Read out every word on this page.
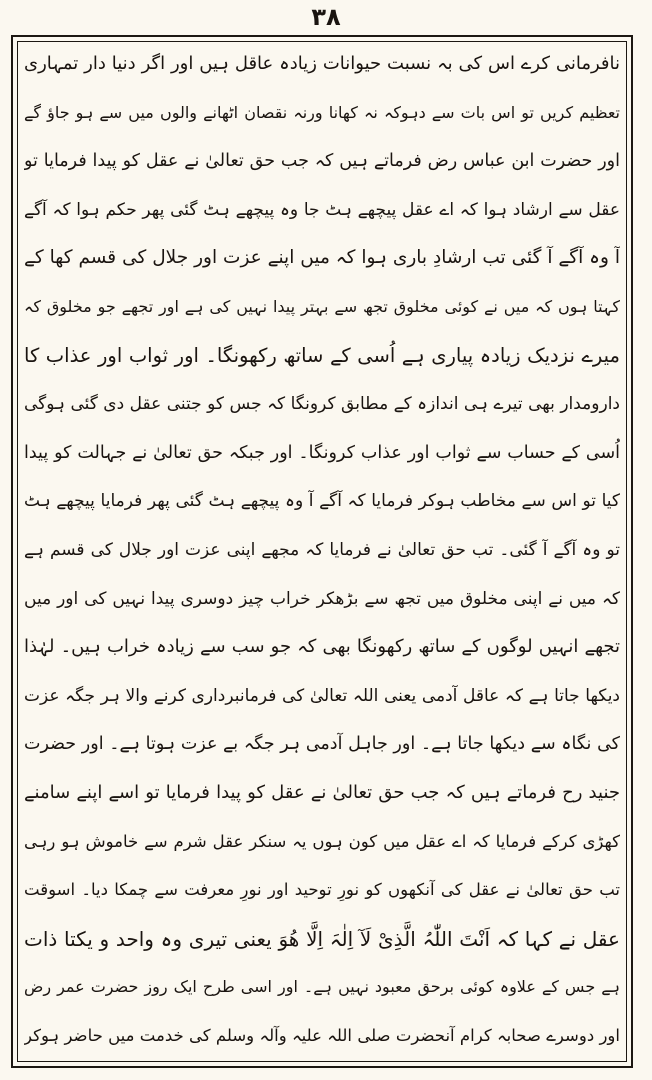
۳۸
نافرمانی کرے اس کی بہ نسبت حیوانات زیادہ عاقل ہیں اور اگر دنیا دار تمہاری
تعظیم کریں تو اس بات سے دہوکہ نہ کھانا ورنہ نقصان اٹھانے والوں میں سے ہو جاؤ گے
اور حضرت ابن عباس رض فرماتے ہیں کہ جب حق تعالیٰ نے عقل کو پیدا فرمایا تو
عقل سے ارشاد ہوا کہ اے عقل پیچھے ہٹ جا وہ پیچھے ہٹ گئی پھر حکم ہوا کہ آگے
آ وہ آگے آ گئی تب ارشادِ باری ہوا کہ میں اپنے عزت اور جلال کی قسم کھا کے
کہتا ہوں کہ میں نے کوئی مخلوق تجھ سے بہتر پیدا نہیں کی ہے اور تجھے جو مخلوق کہ
میرے نزدیک زیادہ پیاری ہے اُسی کے ساتھ رکھونگا۔ اور ثواب اور عذاب کا
دارومدار بھی تیرے ہی اندازہ کے مطابق کرونگا کہ جس کو جتنی عقل دی گئی ہوگی
اُسی کے حساب سے ثواب اور عذاب کرونگا۔ اور جبکہ حق تعالیٰ نے جہالت کو پیدا
کیا تو اس سے مخاطب ہوکر فرمایا کہ آگے آ وہ پیچھے ہٹ گئی پھر فرمایا پیچھے ہٹ
تو وہ آگے آ گئی۔ تب حق تعالیٰ نے فرمایا کہ مجھے اپنی عزت اور جلال کی قسم ہے
کہ میں نے اپنی مخلوق میں تجھ سے بڑھکر خراب چیز دوسری پیدا نہیں کی اور میں
تجھے انہیں لوگوں کے ساتھ رکھونگا بھی کہ جو سب سے زیادہ خراب ہیں۔ لہٰذا
دیکھا جاتا ہے کہ عاقل آدمی یعنی اللہ تعالیٰ کی فرمانبرداری کرنے والا ہر جگہ عزت
کی نگاہ سے دیکھا جاتا ہے۔ اور جاہل آدمی ہر جگہ بے عزت ہوتا ہے۔ اور حضرت
جنید رح فرماتے ہیں کہ جب حق تعالیٰ نے عقل کو پیدا فرمایا تو اسے اپنے سامنے
کھڑی کرکے فرمایا کہ اے عقل میں کون ہوں یہ سنکر عقل شرم سے خاموش ہو رہی
تب حق تعالیٰ نے عقل کی آنکھوں کو نورِ توحید اور نورِ معرفت سے چمکا دیا۔ اسوقت
عقل نے کہا کہ اَنْتَ اللّٰہُ الَّذِیْ لَآ اِلٰہَ اِلَّا ھُوَ یعنی تیری وہ واحد و یکتا ذات
ہے جس کے علاوہ کوئی برحق معبود نہیں ہے۔ اور اسی طرح ایک روز حضرت عمر رض
اور دوسرے صحابہ کرام آنحضرت صلی اللہ علیہ وآلہ وسلم کی خدمت میں حاضر ہوکر
